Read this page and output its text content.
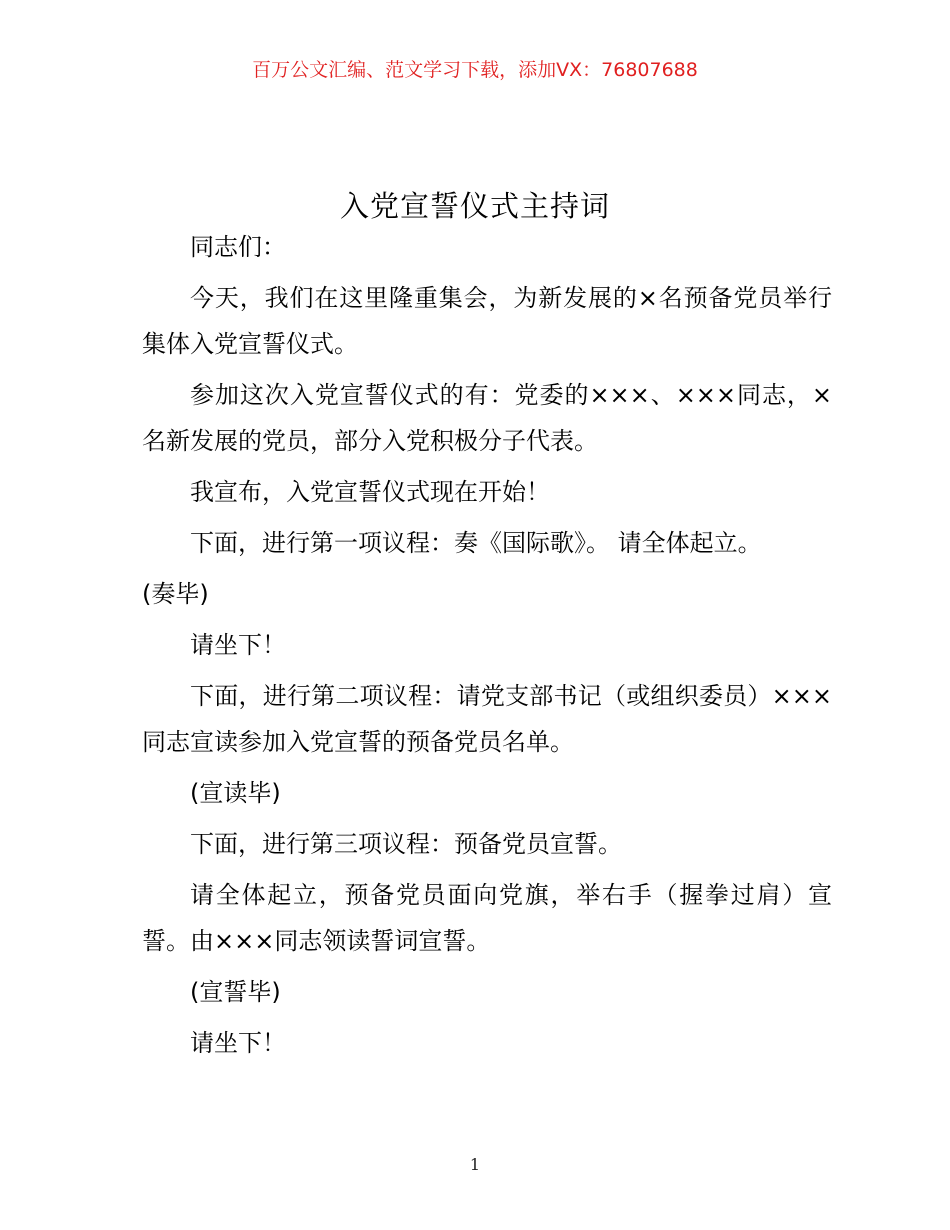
百万公文汇编、范文学习下载，添加VX：76807688
入党宣誓仪式主持词

同志们：

今天，我们在这里隆重集会，为新发展的×名预备党员举行集体入党宣誓仪式。

参加这次入党宣誓仪式的有：党委的×××、×××同志，×名新发展的党员，部分入党积极分子代表。

我宣布，入党宣誓仪式现在开始！

下面，进行第一项议程：奏《国际歌》。 请全体起立。

(奏毕)

请坐下！

下面，进行第二项议程：请党支部书记（或组织委员）×××同志宣读参加入党宣誓的预备党员名单。

(宣读毕)

下面，进行第三项议程：预备党员宣誓。

请全体起立，预备党员面向党旗，举右手（握拳过肩）宣誓。由×××同志领读誓词宣誓。

(宣誓毕)

请坐下！

1
